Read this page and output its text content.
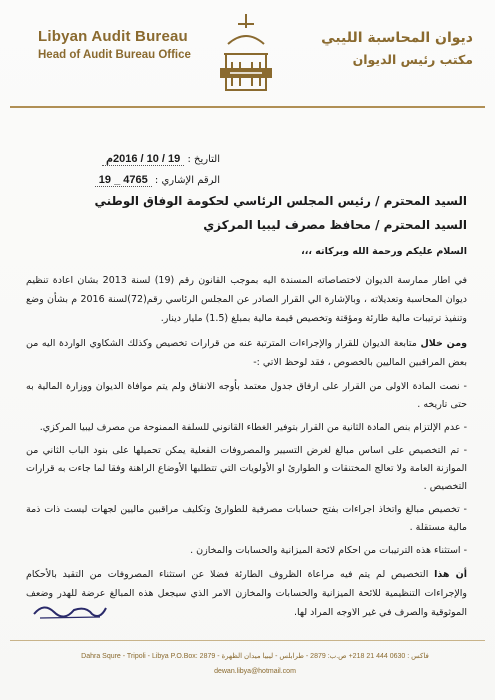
Libyan Audit Bureau
Head of Audit Bureau Office
ديوان المحاسبة الليبي
مكتب رئيس الديوان
التاريخ : 19 / 10 / 2016م
الرقم الإشاري : 4765 _ 19
السيد المحترم / رئيس المجلس الرئاسي لحكومة الوفاق الوطني
السيد المحترم / محافظ مصرف ليبيا المركزي
السلام عليكم ورحمة الله وبركاته ،،،
في اطار ممارسة الديوان لاختصاصاته المسندة اليه بموجب القانون رقم (19) لسنة 2013 بشان اعادة تنظيم ديوان المحاسبة وتعديلاته ، وبالإشارة الي القرار الصادر عن المجلس الرئاسي رقم(72)لسنة 2016 م بشأن وضع وتنفيذ ترتيبات مالية طارئة ومؤقتة وتخصيص قيمة مالية بمبلغ (1.5) مليار دينار.
ومن خلال متابعة الديوان للقرار والإجراءات المترتبة عنه من قرارات تخصيص وكذلك الشكاوي الواردة اليه من بعض المراقبين الماليين بالخصوص ، فقد لوحظ الاتي :-
- نصت المادة الاولى من القرار على ارفاق جدول معتمد بأوجه الانفاق ولم يتم موافاة الديوان ووزارة المالية به حتى تاريخه .
- عدم الإلتزام بنص المادة الثانية من القرار بتوفير الغطاء القانوني للسلفة الممنوحة من مصرف ليبيا المركزي.
- تم التخصيص على اساس مبالغ لغرض التسيير والمصروفات الفعلية يمكن تحميلها على بنود الباب الثاني من الموازنة العامة ولا تعالج المختنقات و الطوارئ او الأولويات التي تتطلبها الأوضاع الراهنة وفقا لما جاءت به قرارات التخصيص .
- تخصيص مبالغ واتخاذ اجراءات بفتح حسابات مصرفية للطوارئ وتكليف مراقبين ماليين لجهات ليست ذات ذمة مالية مستقلة .
- استثناء هذه الترتيبات من احكام لائحة الميزانية والحسابات والمخازن .
أن هذا التخصيص لم يتم فيه مراعاة الظروف الطارئة فضلا عن استثناء المصروفات من التقيد بالأحكام والإجراءات التنظيمية للائحة الميزانية والحسابات والمخازن الامر الذي سيجعل هذه المبالغ عرضة للهدر وضعف الموثوقية والصرف في غير الاوجه المراد لها.
Dahra Squre - Tripoli - Libya P.O.Box: 2879 - فاكس : 0630 444 21 218+ ص.ب: 2879 - طرابلس - ليبيا ميدان الظهرة
dewan.libya@hotmail.com
